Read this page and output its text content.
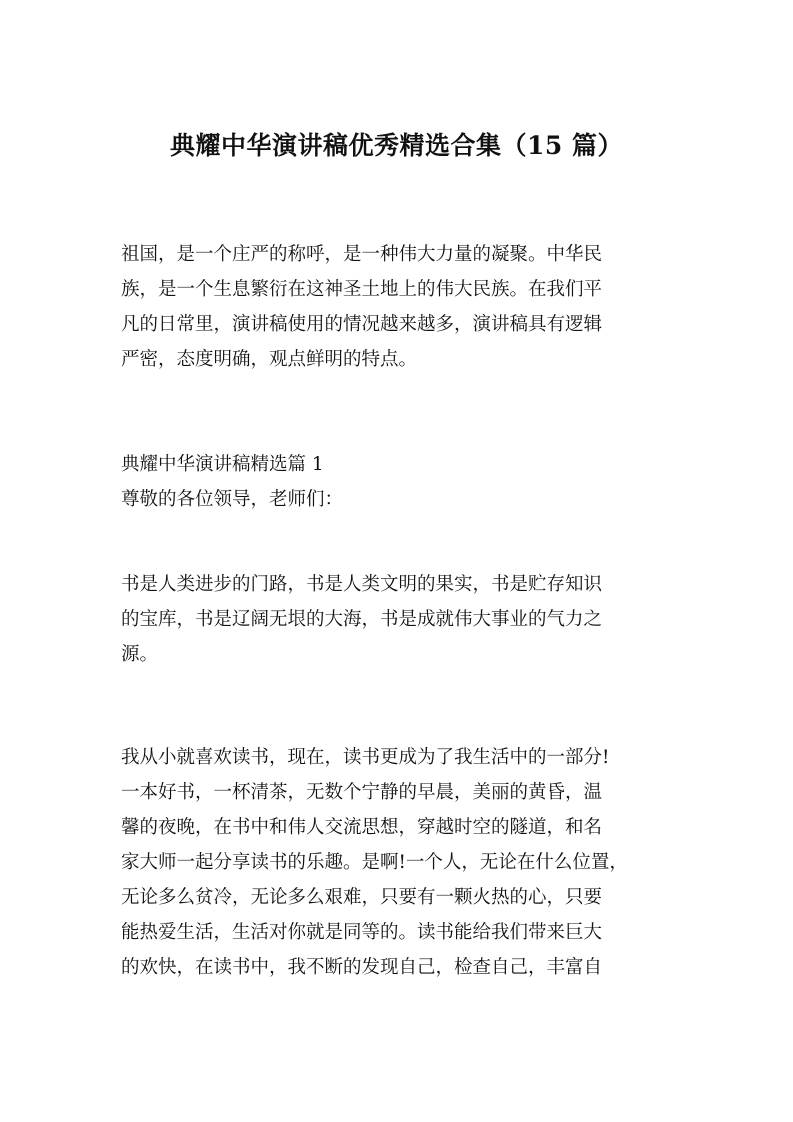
典耀中华演讲稿优秀精选合集（15 篇）
祖国，是一个庄严的称呼，是一种伟大力量的凝聚。中华民
族，是一个生息繁衍在这神圣土地上的伟大民族。在我们平
凡的日常里，演讲稿使用的情况越来越多，演讲稿具有逻辑
严密，态度明确，观点鲜明的特点。
典耀中华演讲稿精选篇 1
尊敬的各位领导，老师们：
书是人类进步的门路，书是人类文明的果实，书是贮存知识
的宝库，书是辽阔无垠的大海，书是成就伟大事业的气力之
源。
我从小就喜欢读书，现在，读书更成为了我生活中的一部分!
一本好书，一杯清茶，无数个宁静的早晨，美丽的黄昏，温
馨的夜晚，在书中和伟人交流思想，穿越时空的隧道，和名
家大师一起分享读书的乐趣。是啊!一个人，无论在什么位置，
无论多么贫冷，无论多么艰难，只要有一颗火热的心，只要
能热爱生活，生活对你就是同等的。读书能给我们带来巨大
的欢快，在读书中，我不断的发现自己，检查自己，丰富自
